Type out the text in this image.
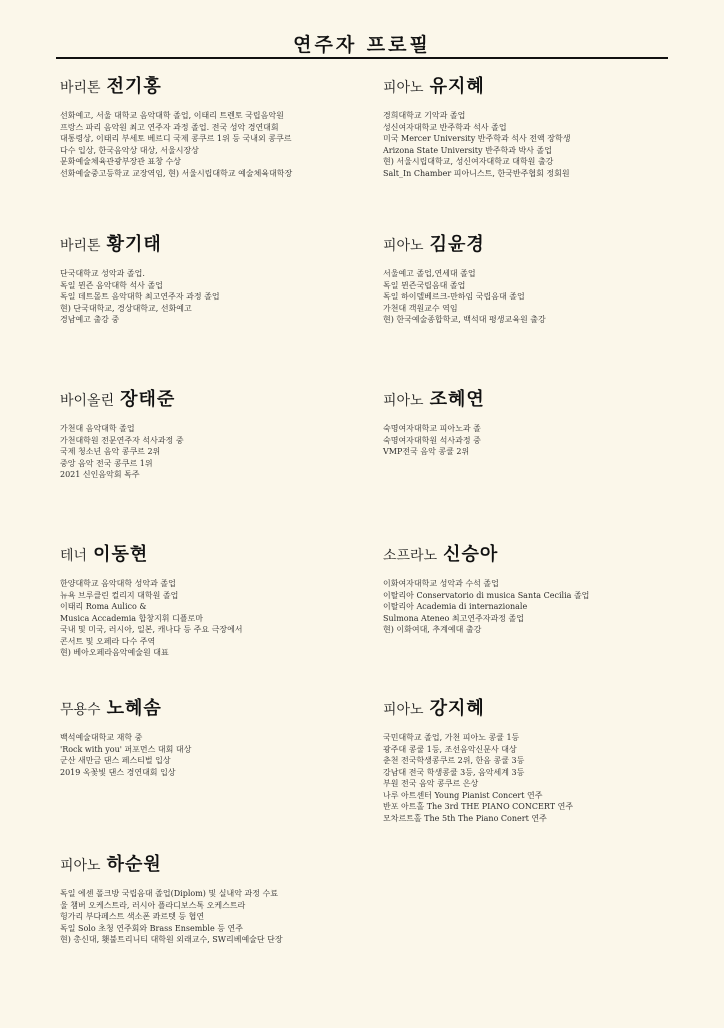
연주자 프로필
바리톤 전기홍
선화예고, 서울 대학교 음악대학 졸업, 이태리 트렌토 국립음악원
프랑스 파리 음악원 최고 연주자 과정 졸업. 전국 성악 경연대회
대통령상, 이태리 부세토 베르디 국제 콩쿠르 1위 등 국내외 콩쿠르
다수 입상, 한국음악상 대상, 서울시장상
문화예술체육관광부장관 표창 수상
선화예술중고등학교 교장역임, 현) 서울시립대학교 예술체육대학장
피아노 유지혜
경희대학교 기악과 졸업
성신여자대학교 반주학과 석사 졸업
미국 Mercer University 반주학과 석사 전액 장학생
Arizona State University 반주학과 박사 졸업
현) 서울시립대학교, 성신여자대학교 대학원 출강
Salt_In Chamber 피아니스트, 한국반주협회 정회원
바리톤 황기태
단국대학교 성악과 졸업.
독일 뮌즌 음악대학 석사 졸업
독일 데트몰트 음악대학 최고연주자 과정 졸업
현) 단국대학교, 경상대학교, 선화예고
경남예고 출강 중
피아노 김윤경
서울예고 졸업,연세대 졸업
독일 뮌즌국립음대 졸업
독일 하이델베르크-만하임 국립음대 졸업
가천대 객원교수 역임
현) 한국예술종합학교, 백석대 평생교육원 출강
바이올린 장태준
가천대 음악대학 졸업
가천대학원 전문연주자 석사과정 중
국제 청소년 음악 콩쿠르 2위
중앙 음악 전국 콩쿠르 1위
2021 신인음악회 독주
피아노 조혜연
숙명여자대학교 피아노과 졸
숙명여자대학원 석사과정 중
VMP전국 음악 콩쿨 2위
테너 이동현
한양대학교 음악대학 성악과 졸업
뉴욕 브루클린 컬리지 대학원 졸업
이태리 Roma Aulico &
Musica Accademia 합창지휘 디플로마
국내 및 미국, 러시아, 일본, 캐나다 등 주요 극장에서
콘서트 및 오페라 다수 주역
현) 베아오페라음악예술원 대표
소프라노 신승아
이화여자대학교 성악과 수석 졸업
이탈리아 Conservatorio di musica Santa Cecilia 졸업
이탈리아 Academia di internazionale
Sulmona Ateneo 최고연주자과정 졸업
현) 이화여대, 추계예대 출강
무용수 노혜솜
백석예술대학교 재학 중
'Rock with you' 퍼포먼스 대회 대상
군산 새만금 댄스 페스티벌 입상
2019 옥꽃빛 댄스 경연대회 입상
피아노 강지혜
국민대학교 졸업, 가천 피아노 콩쿨 1등
광주대 콩쿨 1등, 조선음악신문사 대상
춘천 전국학생콩쿠르 2위, 한음 콩쿨 3등
강남대 전국 학생콩쿨 3등, 음악세계 3등
부원 전국 음악 콩쿠르 은상
나루 아트센터 Young Pianist Concert 연주
반포 아트홀 The 3rd THE PIANO CONCERT 연주
모차르트홀 The 5th The Piano Conert 연주
피아노 하순원
독일 에센 폴크방 국립음대 졸업(Diplom) 및 실내악 과정 수료
울 챔버 오케스트라, 러시아 플라디보스톡 오케스트라
헝가리 부다페스트 색소폰 콰르텟 등 협연
독일 Solo 초청 연주회와 Brass Ensemble 등 연주
현) 총신대, 횃불트리니티 대학원 외래교수, SW리베예술단 단장
